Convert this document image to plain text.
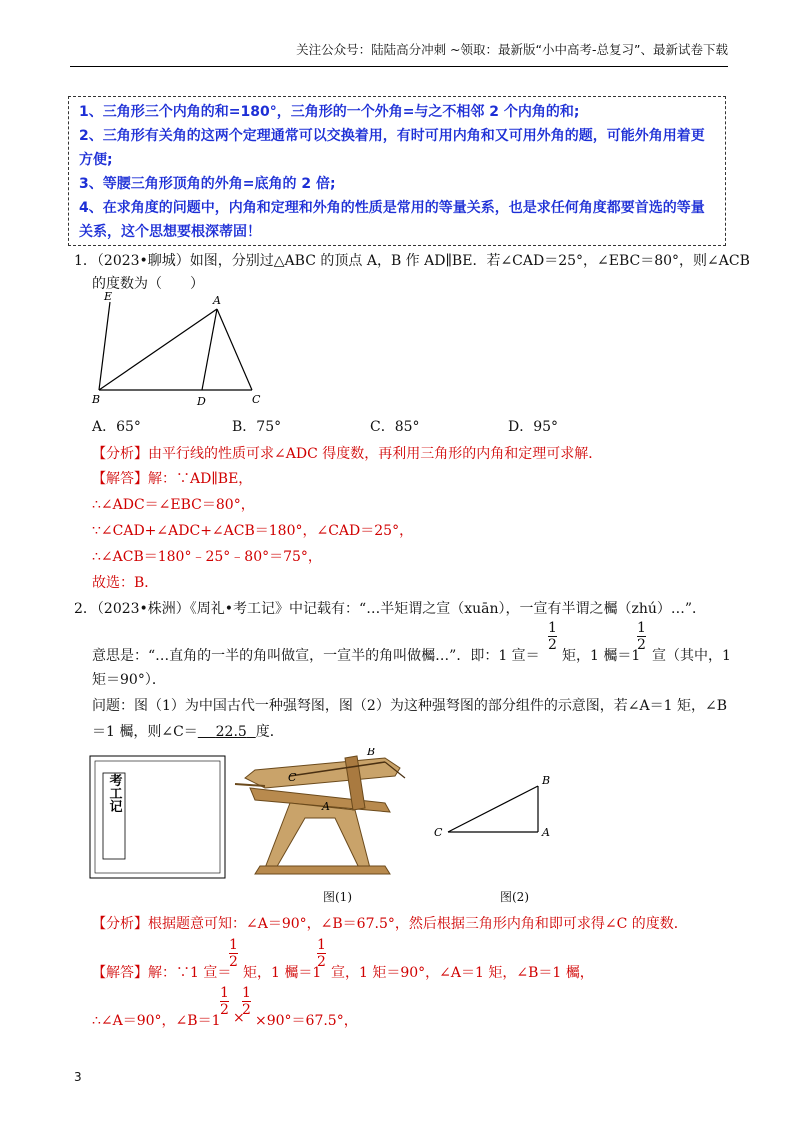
关注公众号：陆陆高分冲刺 ~领取：最新版“小中高考-总复习”、最新试卷下载
1、三角形三个内角的和=180°，三角形的一个外角=与之不相邻 2 个内角的和;
2、三角形有关角的这两个定理通常可以交换着用，有时可用内角和又可用外角的题，可能外角用着更
方便;
3、等腰三角形顶角的外角=底角的 2 倍;
4、在求角度的问题中，内角和定理和外角的性质是常用的等量关系，也是求任何角度都要首选的等量
关系，这个思想要根深蒂固！
1．（2023•聊城）如图，分别过△ABC 的顶点 A，B 作 AD∥BE．若∠CAD＝25°，∠EBC＝80°，则∠ACB
的度数为（　　）
E	A
B	D	C
A．65°	B．75°	C．85°	D．95°
【分析】由平行线的性质可求∠ADC 得度数，再利用三角形的内角和定理可求解．
【解答】解：∵AD∥BE，
∴∠ADC＝∠EBC＝80°，
∵∠CAD+∠ADC+∠ACB＝180°，∠CAD＝25°，
∴∠ACB＝180°﹣25°﹣80°＝75°，
故选：B．
2．（2023•株洲）《周礼•考工记》中记载有：“…半矩谓之宣（xuān），一宣有半谓之欘（zhú）…”．
意思是：“…直角的一半的角叫做宣，一宣半的角叫做欘…”．即：1 宣＝
1
2
矩，1 欘＝1
1
2
宣（其中，1
矩＝90°）．
问题：图（1）为中国古代一种强弩图，图（2）为这种强弩图的部分组件的示意图，若∠A＝1 矩，∠B
＝1 欘，则∠C＝ 22.5 度．
考工记
B
C
A
图(1)
B
C	A
图(2)
【分析】根据题意可知：∠A＝90°，∠B＝67.5°，然后根据三角形内角和即可求得∠C 的度数．
【解答】解：∵1 宣＝
1
2
矩，1 欘＝1
1
2
宣，1 矩＝90°，∠A＝1 矩，∠B＝1 欘，
∴∠A＝90°，∠B＝1
1
2 ×
1
2
×90°＝67.5°，
3
